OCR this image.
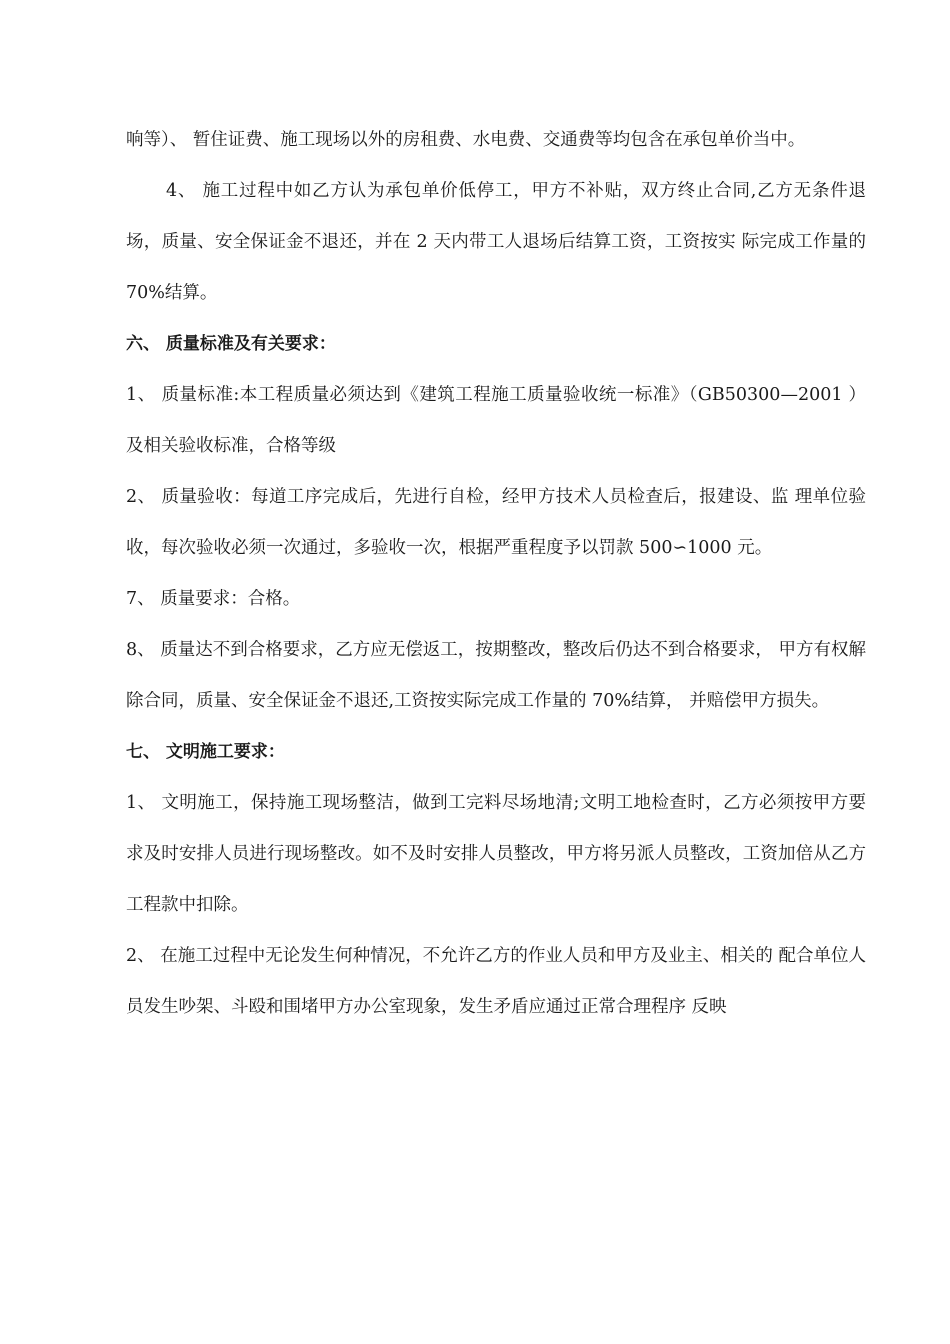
响等）、 暂住证费、施工现场以外的房租费、水电费、交通费等均包含在承包单价当中。

4、 施工过程中如乙方认为承包单价低停工，甲方不补贴，双方终止合同,乙方无条件退场，质量、安全保证金不退还，并在 2 天内带工人退场后结算工资，工资按实 际完成工作量的 70%结算。

六、 质量标准及有关要求：

1、 质量标准:本工程质量必须达到《建筑工程施工质量验收统一标准》（GB50300—2001 ）及相关验收标准，合格等级

2、 质量验收：每道工序完成后，先进行自检，经甲方技术人员检查后，报建设、监 理单位验收，每次验收必须一次通过，多验收一次，根据严重程度予以罚款 500∽1000 元。

7、 质量要求：合格。

8、 质量达不到合格要求，乙方应无偿返工，按期整改，整改后仍达不到合格要求， 甲方有权解除合同，质量、安全保证金不退还,工资按实际完成工作量的 70%结算， 并赔偿甲方损失。

七、 文明施工要求：

1、 文明施工，保持施工现场整洁，做到工完料尽场地清;文明工地检查时，乙方必须按甲方要求及时安排人员进行现场整改。如不及时安排人员整改，甲方将另派人员整改，工资加倍从乙方工程款中扣除。

2、 在施工过程中无论发生何种情况，不允许乙方的作业人员和甲方及业主、相关的 配合单位人员发生吵架、斗殴和围堵甲方办公室现象，发生矛盾应通过正常合理程序 反映
